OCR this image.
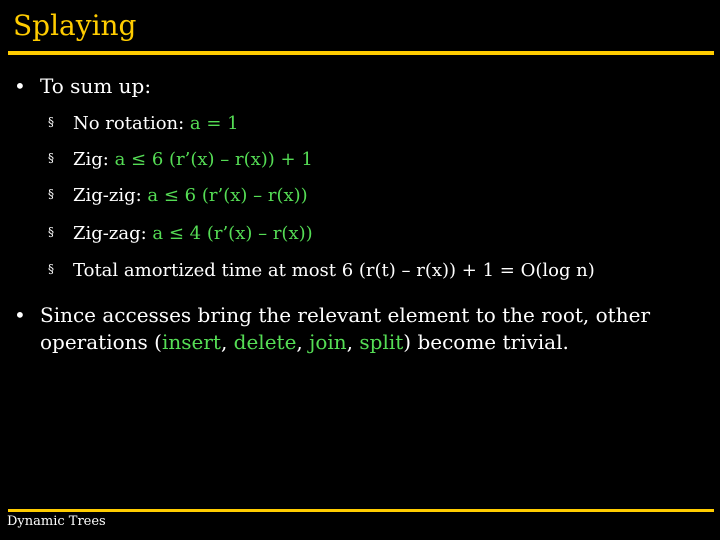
Splaying
• To sum up:
§ No rotation: a = 1
§ Zig: a ≤ 6 (r’(x) – r(x)) + 1
§ Zig-zig: a ≤ 6 (r’(x) – r(x))
§ Zig-zag: a ≤ 4 (r’(x) – r(x))
§ Total amortized time at most 6 (r(t) – r(x)) + 1 = O(log n)
• Since accesses bring the relevant element to the root, other operations (insert, delete, join, split) become trivial.
Dynamic Trees
